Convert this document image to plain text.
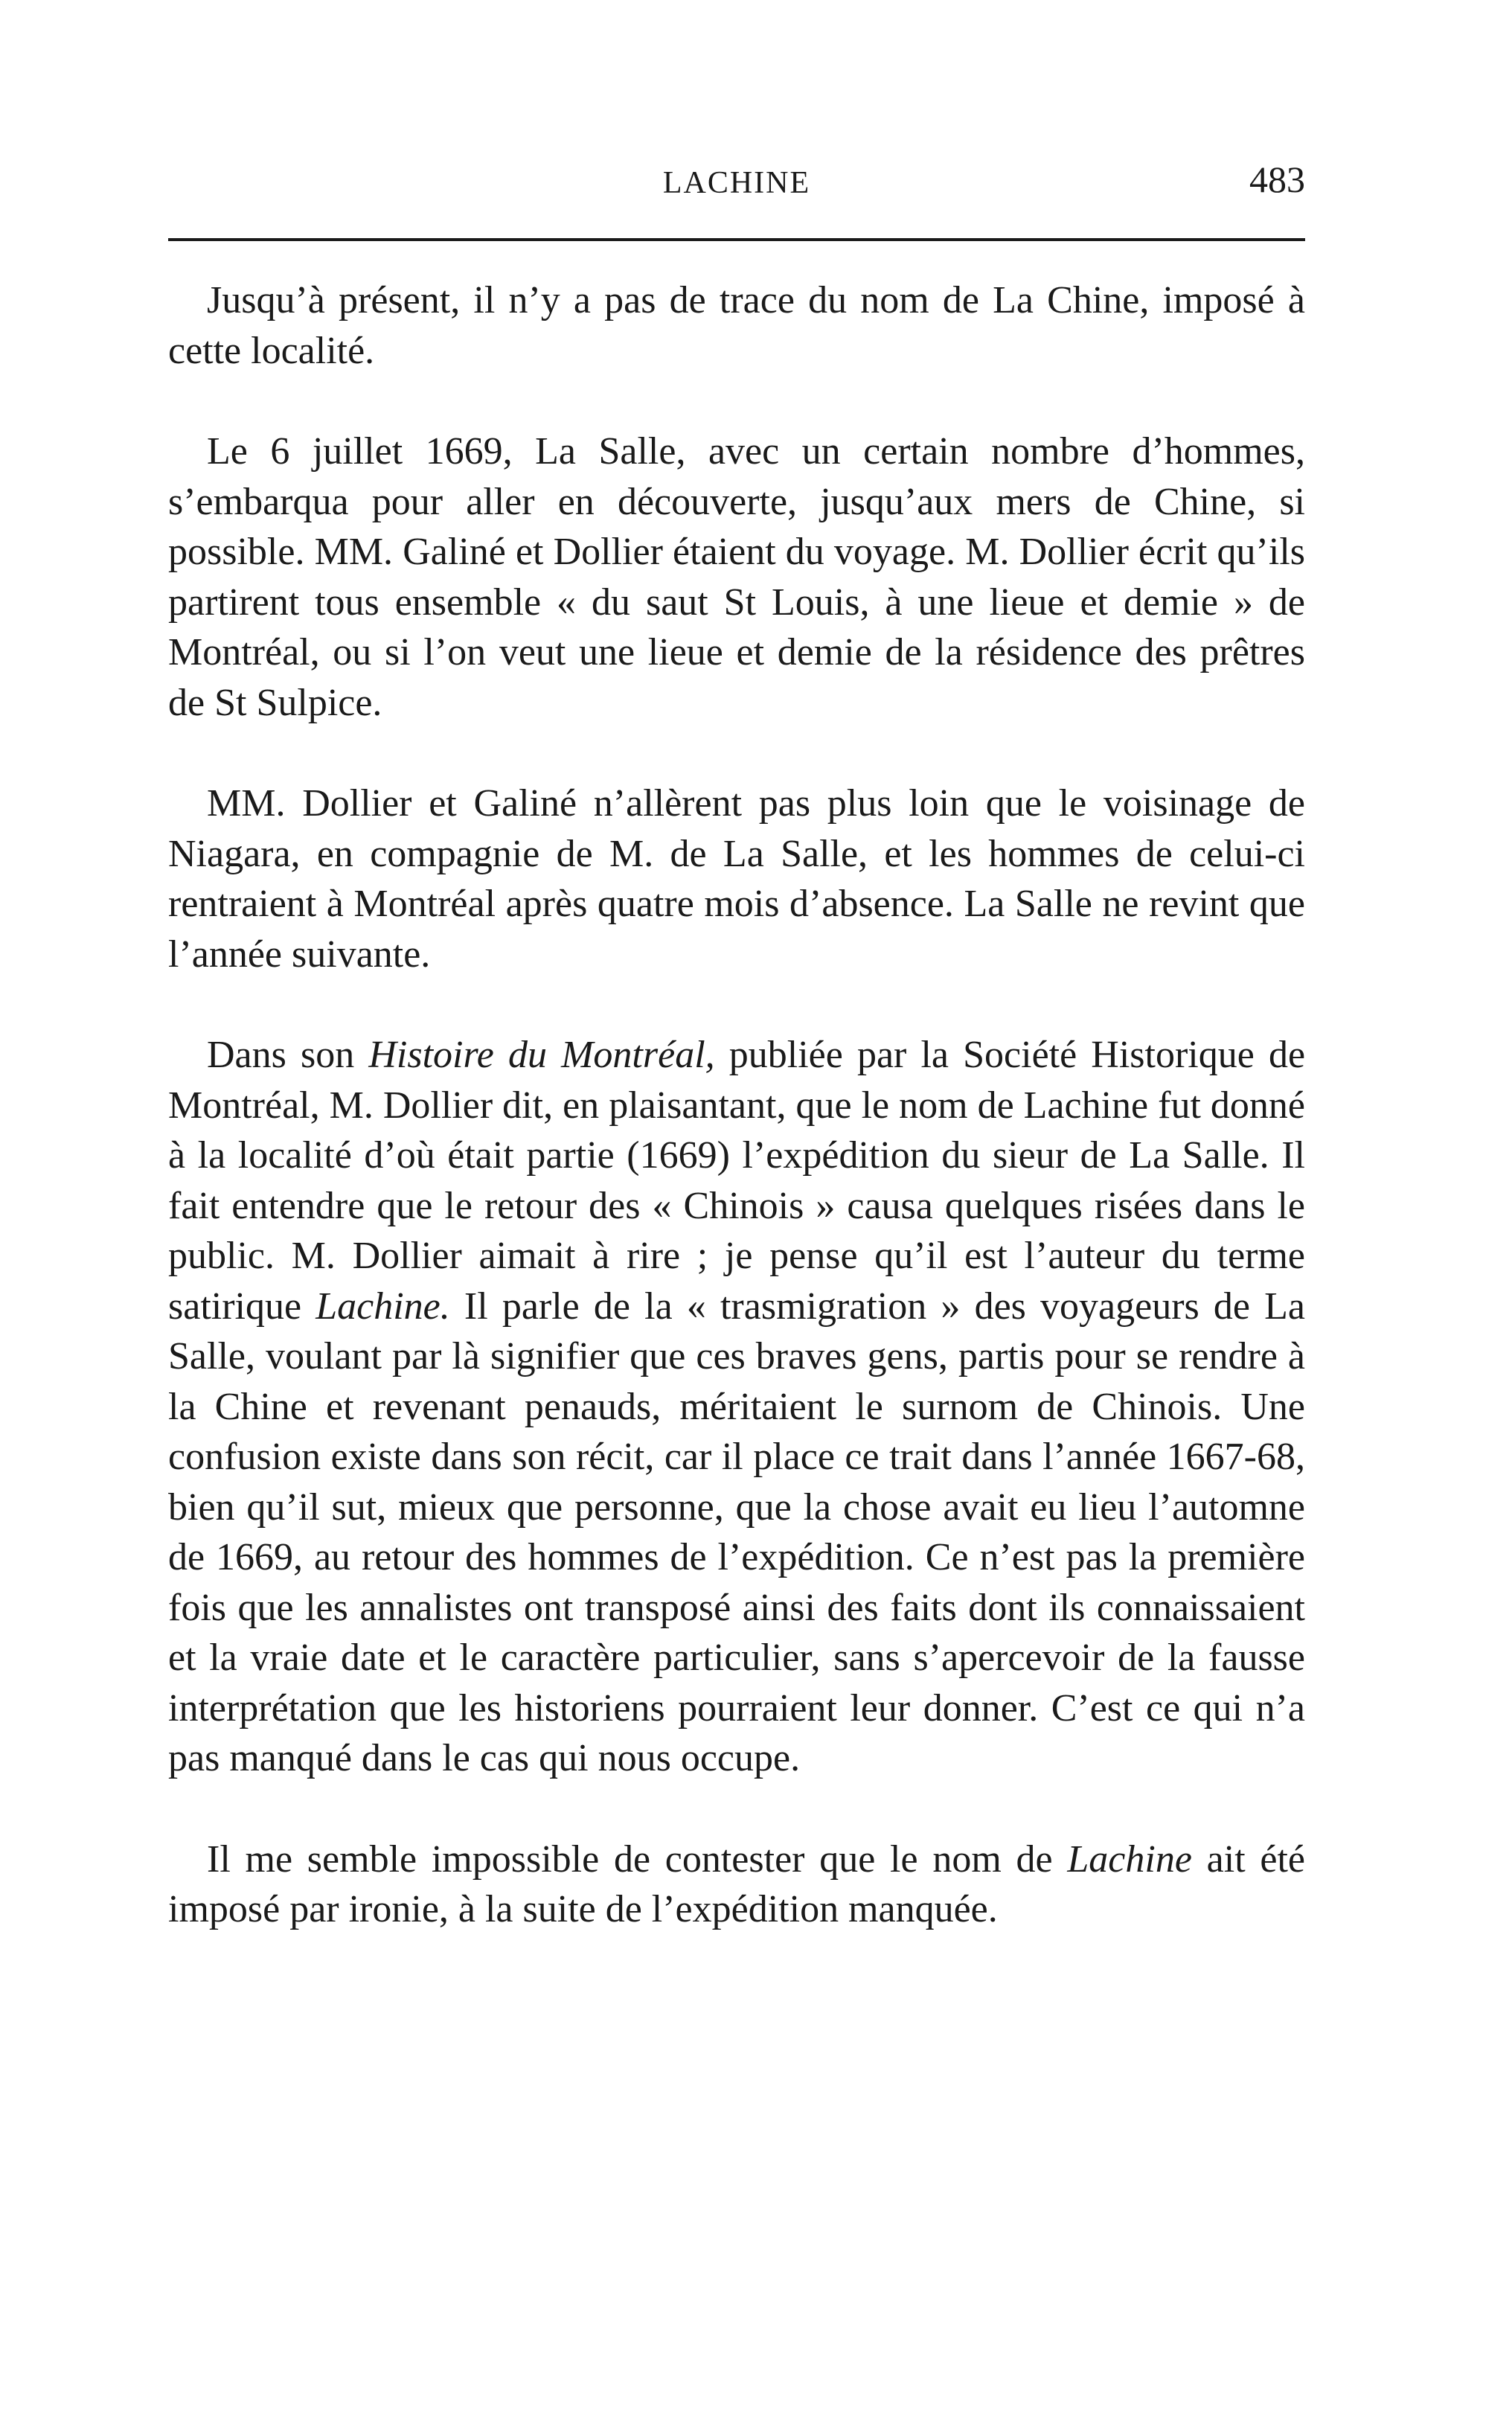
LACHINE	483

Jusqu’à présent, il n’y a pas de trace du nom de La Chine, imposé à cette localité.

Le 6 juillet 1669, La Salle, avec un certain nombre d’hommes, s’embarqua pour aller en découverte, jusqu’aux mers de Chine, si possible. MM. Galiné et Dollier étaient du voyage. M. Dollier écrit qu’ils partirent tous ensemble « du saut St Louis, à une lieue et demie » de Montréal, ou si l’on veut une lieue et demie de la résidence des prêtres de St Sulpice.

MM. Dollier et Galiné n’allèrent pas plus loin que le voisinage de Niagara, en compagnie de M. de La Salle, et les hommes de celui-ci rentraient à Montréal après quatre mois d’absence. La Salle ne revint que l’année suivante.

Dans son Histoire du Montréal, publiée par la Société Historique de Montréal, M. Dollier dit, en plaisantant, que le nom de Lachine fut donné à la localité d’où était partie (1669) l’expédition du sieur de La Salle. Il fait entendre que le retour des « Chinois » causa quelques risées dans le public. M. Dollier aimait à rire ; je pense qu’il est l’auteur du terme satirique Lachine. Il parle de la « trasmigration » des voyageurs de La Salle, voulant par là signifier que ces braves gens, partis pour se rendre à la Chine et revenant penauds, méritaient le surnom de Chinois. Une confusion existe dans son récit, car il place ce trait dans l’année 1667-68, bien qu’il sut, mieux que personne, que la chose avait eu lieu l’automne de 1669, au retour des hommes de l’expédition. Ce n’est pas la première fois que les annalistes ont transposé ainsi des faits dont ils connaissaient et la vraie date et le caractère particulier, sans s’apercevoir de la fausse interprétation que les historiens pourraient leur donner. C’est ce qui n’a pas manqué dans le cas qui nous occupe.

Il me semble impossible de contester que le nom de Lachine ait été imposé par ironie, à la suite de l’expédition manquée.
